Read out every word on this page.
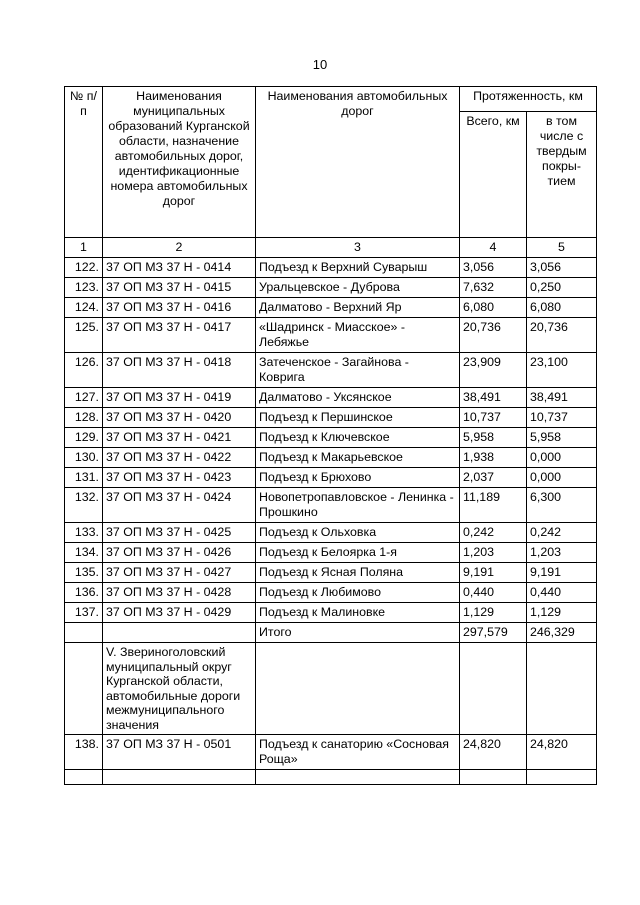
10
№ п/п	Наименования муниципальных образований Курганской области, назначение автомобильных дорог, идентификационные номера автомобильных дорог	Наименования автомобильных дорог	Протяженность, км	
			Всего, км	в том числе с твердым покры-тием
1	2	3	4	5
122.	37 ОП МЗ 37 Н - 0414	Подъезд к Верхний Суварыш	3,056	3,056
123.	37 ОП МЗ 37 Н - 0415	Уральцевское - Дуброва	7,632	0,250
124.	37 ОП МЗ 37 Н - 0416	Далматово - Верхний Яр	6,080	6,080
125.	37 ОП МЗ 37 Н - 0417	«Шадринск - Миасское» - Лебяжье	20,736	20,736
126.	37 ОП МЗ 37 Н - 0418	Затеченское - Загайнова - Коврига	23,909	23,100
127.	37 ОП МЗ 37 Н - 0419	Далматово - Уксянское	38,491	38,491
128.	37 ОП МЗ 37 Н - 0420	Подъезд к Першинское	10,737	10,737
129.	37 ОП МЗ 37 Н - 0421	Подъезд к Ключевское	5,958	5,958
130.	37 ОП МЗ 37 Н - 0422	Подъезд к Макарьевское	1,938	0,000
131.	37 ОП МЗ 37 Н - 0423	Подъезд к Брюхово	2,037	0,000
132.	37 ОП МЗ 37 Н - 0424	Новопетропавловское - Ленинка - Прошкино	11,189	6,300
133.	37 ОП МЗ 37 Н - 0425	Подъезд к Ольховка	0,242	0,242
134.	37 ОП МЗ 37 Н - 0426	Подъезд к Белоярка 1-я	1,203	1,203
135.	37 ОП МЗ 37 Н - 0427	Подъезд к Ясная Поляна	9,191	9,191
136.	37 ОП МЗ 37 Н - 0428	Подъезд к Любимово	0,440	0,440
137.	37 ОП МЗ 37 Н - 0429	Подъезд к Малиновке	1,129	1,129
		Итого	297,579	246,329
	V. Звериноголовский муниципальный округ Курганской области, автомобильные дороги межмуниципального значения			
138.	37 ОП МЗ 37 Н - 0501	Подъезд к санаторию «Сосновая Роща»	24,820	24,820
